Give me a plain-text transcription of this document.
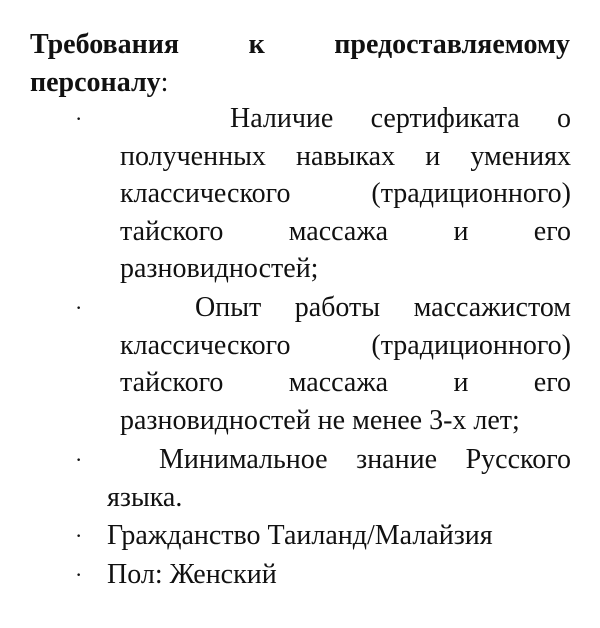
Требования к предоставляемому персоналу:

·	Наличие сертификата о полученных навыках и умениях классического (традиционного) тайского массажа и его разновидностей;
·	Опыт работы массажистом классического (традиционного) тайского массажа и его разновидностей не менее 3-х лет;
·	Минимальное знание Русского языка.
· Гражданство Таиланд/Малайзия
· Пол: Женский
